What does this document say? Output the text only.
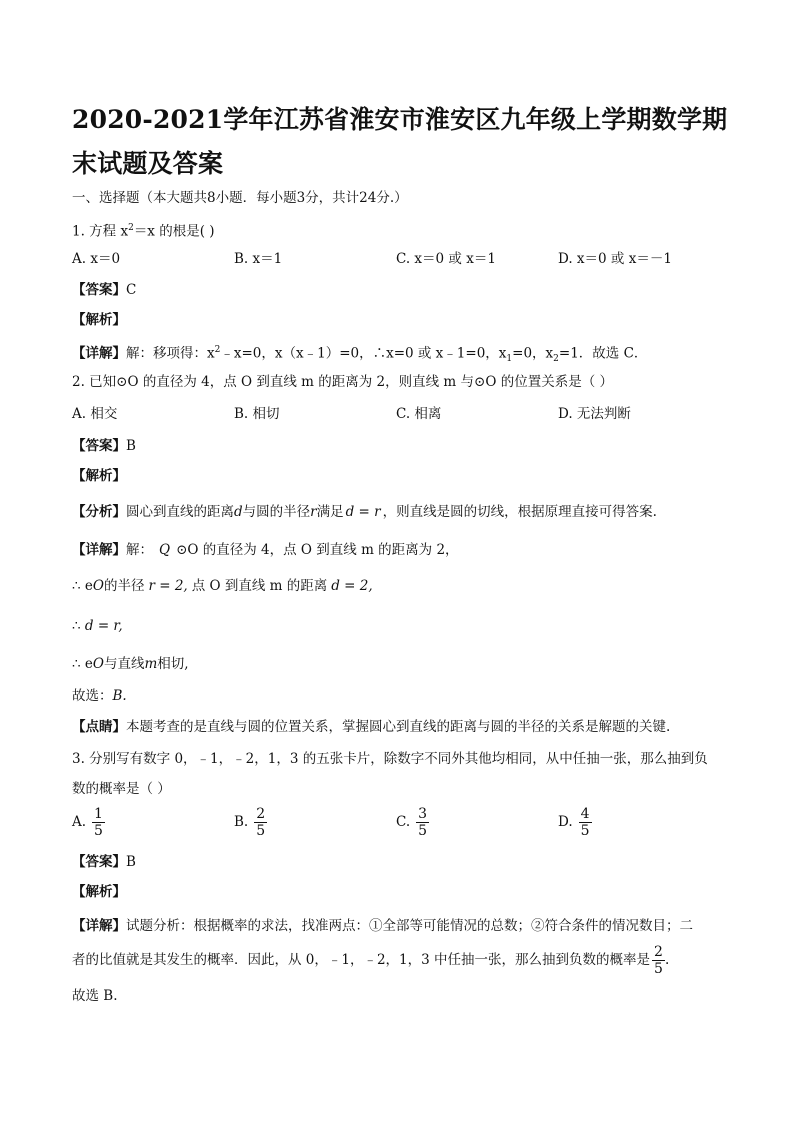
2020-2021学年江苏省淮安市淮安区九年级上学期数学期末试题及答案
一、选择题（本大题共8小题．每小题3分，共计24分.）
1. 方程 $x^2=x$ 的根是( )
A. x＝0	B. x＝1	C. x＝0 或 x＝1	D. x＝0 或 x＝－1
【答案】C
【解析】
【详解】解：移项得：$x^2﹣x=0$，x（x﹣1）=0，∴x=0 或 x﹣1=0，$x_1=0$，$x_2=1$．故选 C．
2. 已知⊙O 的直径为 4，点 O 到直线 m 的距离为 2，则直线 m 与⊙O 的位置关系是（ ）
A. 相交	B. 相切	C. 相离	D. 无法判断
【答案】B
【解析】
【分析】圆心到直线的距离d与圆的半径r满足 d = r ，则直线是圆的切线，根据原理直接可得答案.
【详解】解： Q ⊙O 的直径为 4，点 O 到直线 m 的距离为 2，
∴ eO的半径 r = 2, 点 O 到直线 m 的距离 d = 2,
∴ d = r,
∴ eO与直线m相切,
故选：B.
【点睛】本题考查的是直线与圆的位置关系，掌握圆心到直线的距离与圆的半径的关系是解题的关键.
3. 分别写有数字 0，﹣1，﹣2，1，3 的五张卡片，除数字不同外其他均相同，从中任抽一张，那么抽到负
数的概率是（ ）
A. $\frac{1}{5}$	B. $\frac{2}{5}$	C. $\frac{3}{5}$	D. $\frac{4}{5}$
【答案】B
【解析】
【详解】试题分析：根据概率的求法，找准两点：①全部等可能情况的总数；②符合条件的情况数目；二
者的比值就是其发生的概率．因此，从 0，﹣1，﹣2，1，3 中任抽一张，那么抽到负数的概率是 $\frac{2}{5}$ .
故选 B.
